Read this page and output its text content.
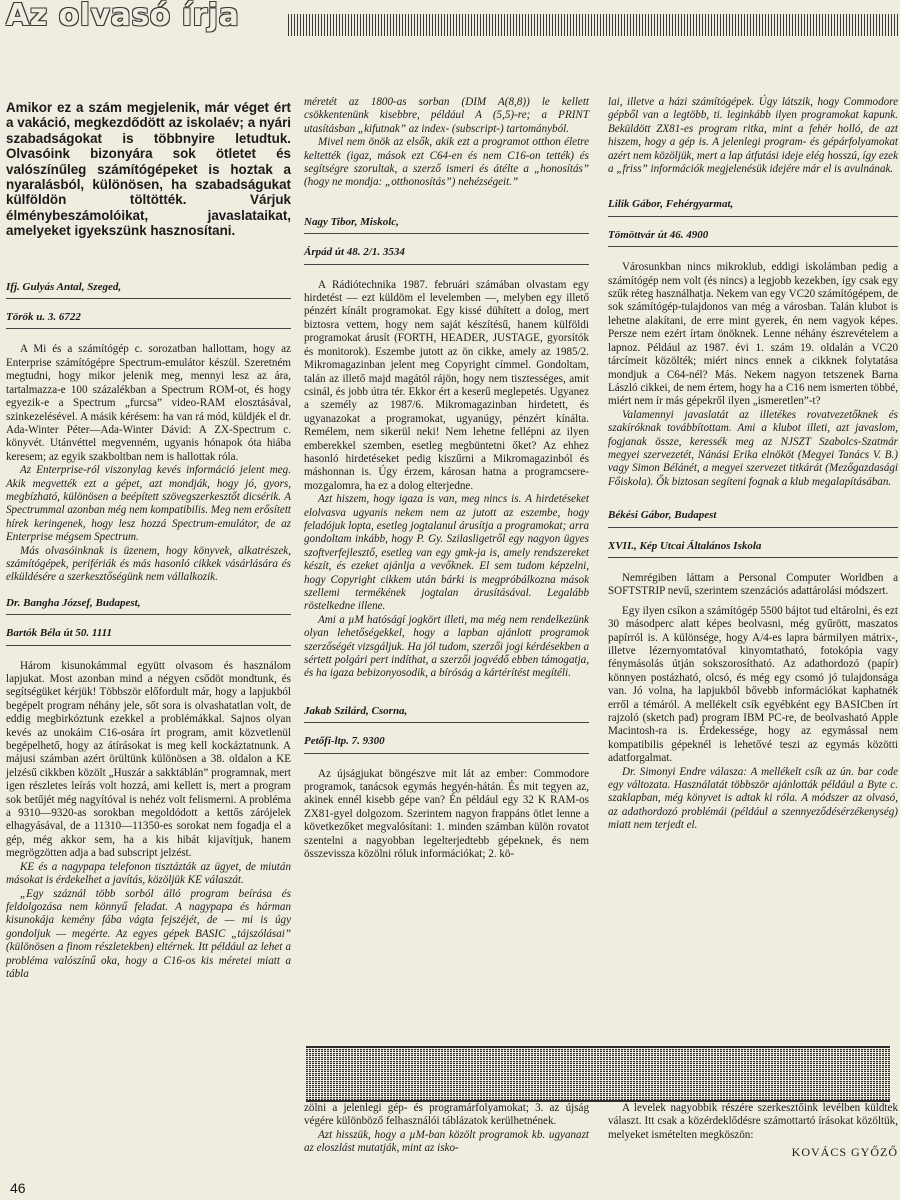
Az olvasó írja
Amikor ez a szám megjelenik, már véget ért a vakáció, megkezdődött az iskolaév; a nyári szabadságokat is többnyire letudtuk. Olvasóink bizonyára sok ötletet és valószínűleg számítógépeket is hoztak a nyaralásból, különösen, ha szabadságukat külföldön töltötték. Várjuk élménybeszámolóikat, javaslataikat, amelyeket igyekszünk hasznosítani.
Ifj. Gulyás Antal, Szeged,
Török u. 3. 6722

A Mi és a számítógép c. sorozatban hallottam, hogy az Enterprise számítógépre Spectrum-emulátor készül. Szeretném megtudni, hogy mikor jelenik meg, mennyi lesz az ára, tartalmazza-e 100 százalékban a Spectrum ROM-ot, és hogy egyezik-e a Spectrum „furcsa” video-RAM elosztásával, szinkezelésével. A másik kérésem: ha van rá mód, küldjék el dr. Ada-Winter Péter—Ada-Winter Dávid: A ZX-Spectrum c. könyvét. Utánvéttel megvenném, ugyanis hónapok óta hiába keresem; az egyik szakboltban nem is hallottak róla.

Az Enterprise-ról viszonylag kevés információ jelent meg. Akik megvették ezt a gépet, azt mondják, hogy jó, gyors, megbízható, különösen a beépített szövegszerkesztőt dicsérik. A Spectrummal azonban még nem kompatibilis. Meg nem erősített hírek keringenek, hogy lesz hozzá Spectrum-emulátor, de az Enterprise mégsem Spectrum.

Más olvasóinknak is üzenem, hogy könyvek, alkatrészek, számítógépek, perifériák és más hasonló cikkek vásárlására és elküldésére a szerkesztőségünk nem vállalkozik.

Dr. Bangha József, Budapest,
Bartók Béla út 50. 1111

Három kisunokámmal együtt olvasom és használom lapjukat. Most azonban mind a négyen csődöt mondtunk, és segítségüket kérjük! Többször előfordult már, hogy a lapjukból begépelt program néhány jele, sőt sora is olvashatatlan volt, de eddig megbirkóztunk ezekkel a problémákkal. Sajnos olyan kevés az unokáim C16-osára írt program, amit közvetlenül begépelhető, hogy az átírásokat is meg kell kockáztatnunk. A májusi számban azért örültünk különösen a 38. oldalon a KE jelzésű cikkben közölt „Huszár a sakktáblán” programnak, mert igen részletes leírás volt hozzá, ami kellett is, mert a program sok betűjét még nagyítóval is nehéz volt felismerni. A probléma a 9310—9320-as sorokban megoldódott a kettős zárójelek elhagyásával, de a 11310—11350-es sorokat nem fogadja el a gép, még akkor sem, ha a kis hibát kijavítjuk, hanem megrögzötten adja a bad subscript jelzést.

KE és a nagypapa telefonon tisztázták az ügyet, de miután másokat is érdekelhet a javítás, közöljük KE válaszát.

„Egy száznál több sorból álló program beírása és feldolgozása nem könnyű feladat. A nagypapa és hárman kisunokája kemény fába vágta fejszéjét, de — mi is úgy gondoljuk — megérte. Az egyes gépek BASIC „tájszólásai” (különösen a finom részletekben) eltérnek. Itt például az lehet a probléma valószínű oka, hogy a C16-os kis méretei miatt a tábla

méretét az 1800-as sorban (DIM A(8,8)) le kellett csökkentenünk kisebbre, például A (5,5)-re; a PRINT utasításban „kifutnak” az index- (subscript-) tartományból.

Mivel nem önök az elsők, akik ezt a programot otthon életre keltették (igaz, mások ezt C64-en és nem C16-on tették) és segítségre szorultak, a szerző ismeri és átélte a „honosítás” (hogy ne mondja: „otthonosítás”) nehézségeit.”

Nagy Tibor, Miskolc,
Árpád út 48. 2/1. 3534

A Rádiótechnika 1987. februári számában olvastam egy hirdetést — ezt küldöm el levelemben —, melyben egy illető pénzért kínált programokat. Egy kissé dühített a dolog, mert biztosra vettem, hogy nem saját készítésű, hanem külföldi programokat árusít (FORTH, HEADER, JUSTAGE, gyorsítók és monitorok). Eszembe jutott az ön cikke, amely az 1985/2. Mikromagazinban jelent meg Copyright címmel. Gondoltam, talán az illető majd magától rájön, hogy nem tisztességes, amit csinál, és jobb útra tér. Ekkor ért a keserű meglepetés. Ugyanez a személy az 1987/6. Mikromagazinban hirdetett, és ugyanazokat a programokat, ugyanúgy, pénzért kínálta. Remélem, nem sikerül neki! Nem lehetne fellépni az ilyen emberekkel szemben, esetleg megbüntetni őket? Az ehhez hasonló hirdetéseket pedig kiszűrni a Mikromagazinból és máshonnan is. Úgy érzem, károsan hatna a programcsere-mozgalomra, ha ez a dolog elterjedne.

Azt hiszem, hogy igaza is van, meg nincs is. A hirdetéseket elolvasva ugyanis nekem nem az jutott az eszembe, hogy feladójuk lopta, esetleg jogtalanul árusítja a programokat; arra gondoltam inkább, hogy P. Gy. Szilasligetről egy nagyon ügyes szoftverfejlesztő, esetleg van egy gmk-ja is, amely rendszereket készít, és ezeket ajánlja a vevőknek. El sem tudom képzelni, hogy Copyright cikkem után bárki is megpróbálkozna mások szellemi termékének jogtalan árusításával. Legalább röstelkedne illene.

Ami a µM hatóságí jogkört illeti, ma még nem rendelkezünk olyan lehetőségekkel, hogy a lapban ajánlott programok szerzőségét vizsgáljuk. Ha jól tudom, szerzői jogi kérdésekben a sértett polgári pert indíthat, a szerzői jogvédő ebben támogatja, és ha igaza bebizonyosodik, a bíróság a kártérítést megítéli.

Jakab Szilárd, Csorna,
Petőfi-ltp. 7. 9300

Az újságjukat böngészve mit lát az ember: Commodore programok, tanácsok egymás hegyén-hátán. És mit tegyen az, akinek ennél kisebb gépe van? Én például egy 32 K RAM-os ZX81-gyel dolgozom. Szerintem nagyon frappáns ötlet lenne a következőket megvalósítani: 1. minden számban külön rovatot szentelni a nagyobban legelterjedtebb gépeknek, és nem összevissza közölni róluk információkat; 2. kö-

lai, illetve a házi számítógépek. Úgy látszik, hogy Commodore gépből van a legtöbb, ti. leginkább ilyen programokat kapunk. Beküldött ZX81-es program ritka, mint a fehér holló, de azt hiszem, hogy a gép is. A jelenlegi program- és gépárfolyamokat azért nem közöljük, mert a lap átfutási ideje elég hosszú, így ezek a „friss” információk megjelenésük idejére már el is avulnának.

Lilik Gábor, Fehérgyarmat,
Tömöttvár út 46. 4900

Városunkban nincs mikroklub, eddigi iskolámban pedig a számítógép nem volt (és nincs) a legjobb kezekben, így csak egy szűk réteg használhatja. Nekem van egy VC20 számítógépem, de sok számítógép-tulajdonos van még a városban. Talán klubot is lehetne alakítani, de erre mint gyerek, én nem vagyok képes. Persze nem ezért írtam önöknek. Lenne néhány észrevételem a lapnoz. Például az 1987. évi 1. szám 19. oldalán a VC20 tárcímeit közölték; miért nincs ennek a cikknek folytatása mondjuk a C64-nél? Más. Nekem nagyon tetszenek Barna László cikkei, de nem értem, hogy ha a C16 nem ismerten többé, miért nem ír más gépekről ilyen „ismeretlen”-t?

Valamennyi javaslatát az illetékes rovatvezetőknek és szakíróknak továbbítottam. Ami a klubot illeti, azt javaslom, fogjanak össze, keressék meg az NJSZT Szabolcs-Szatmár megyei szervezetét, Nánási Erika elnököt (Megyei Tanács V. B.) vagy Simon Bélánét, a megyei szervezet titkárát (Mezőgazdasági Főiskola). Ők biztosan segíteni fognak a klub megalapításában.

Békési Gábor, Budapest
XVII., Kép Utcai Általános Iskola

Nemrégiben láttam a Personal Computer Worldben a SOFTSTRIP nevű, szerintem szenzációs adattárolási módszert.

Egy ilyen csíkon a számítógép 5500 bájtot tud eltárolni, és ezt 30 másodperc alatt képes beolvasni, még gyűrött, maszatos papírról is. A különsége, hogy A/4-es lapra bármilyen mátrix-, illetve lézernyomtatóval kinyomtatható, fotokópia vagy fénymásolás útján sokszorosítható. Az adathordozó (papír) könnyen postázható, olcsó, és még egy csomó jó tulajdonsága van. Jó volna, ha lapjukból bővebb információkat kaphatnék erről a témáról. A mellékelt csík egyébként egy BASICben írt rajzoló (sketch pad) program IBM PC-re, de beolvasható Apple Macintosh-ra is. Érdekessége, hogy az egymással nem kompatibilis gépeknél is lehetővé teszi az egymás közötti adatforgalmat.

Dr. Simonyi Endre válasza: A mellékelt csík az ún. bar code egy változata. Használatát többször ajánlották például a Byte c. szaklapban, még könyvet is adtak ki róla. A módszer az olvasó, az adathordozó problémái (például a szennyeződésérzékenység) miatt nem terjedt el.

zölni a jelenlegi gép- és programárfolyamokat; 3. az újság végére különböző felhasználói táblázatok kerülhetnének.

Azt hisszük, hogy a µM-ban közölt programok kb. ugyanazt az eloszlást mutatják, mint az isko-

A levelek nagyobbik részére szerkesztőink levélben küldtek választ. Itt csak a közérdeklődésre számottartó írásokat közöltük, melyeket ismételten megköszön:

KOVÁCS GYŐZŐ
46
